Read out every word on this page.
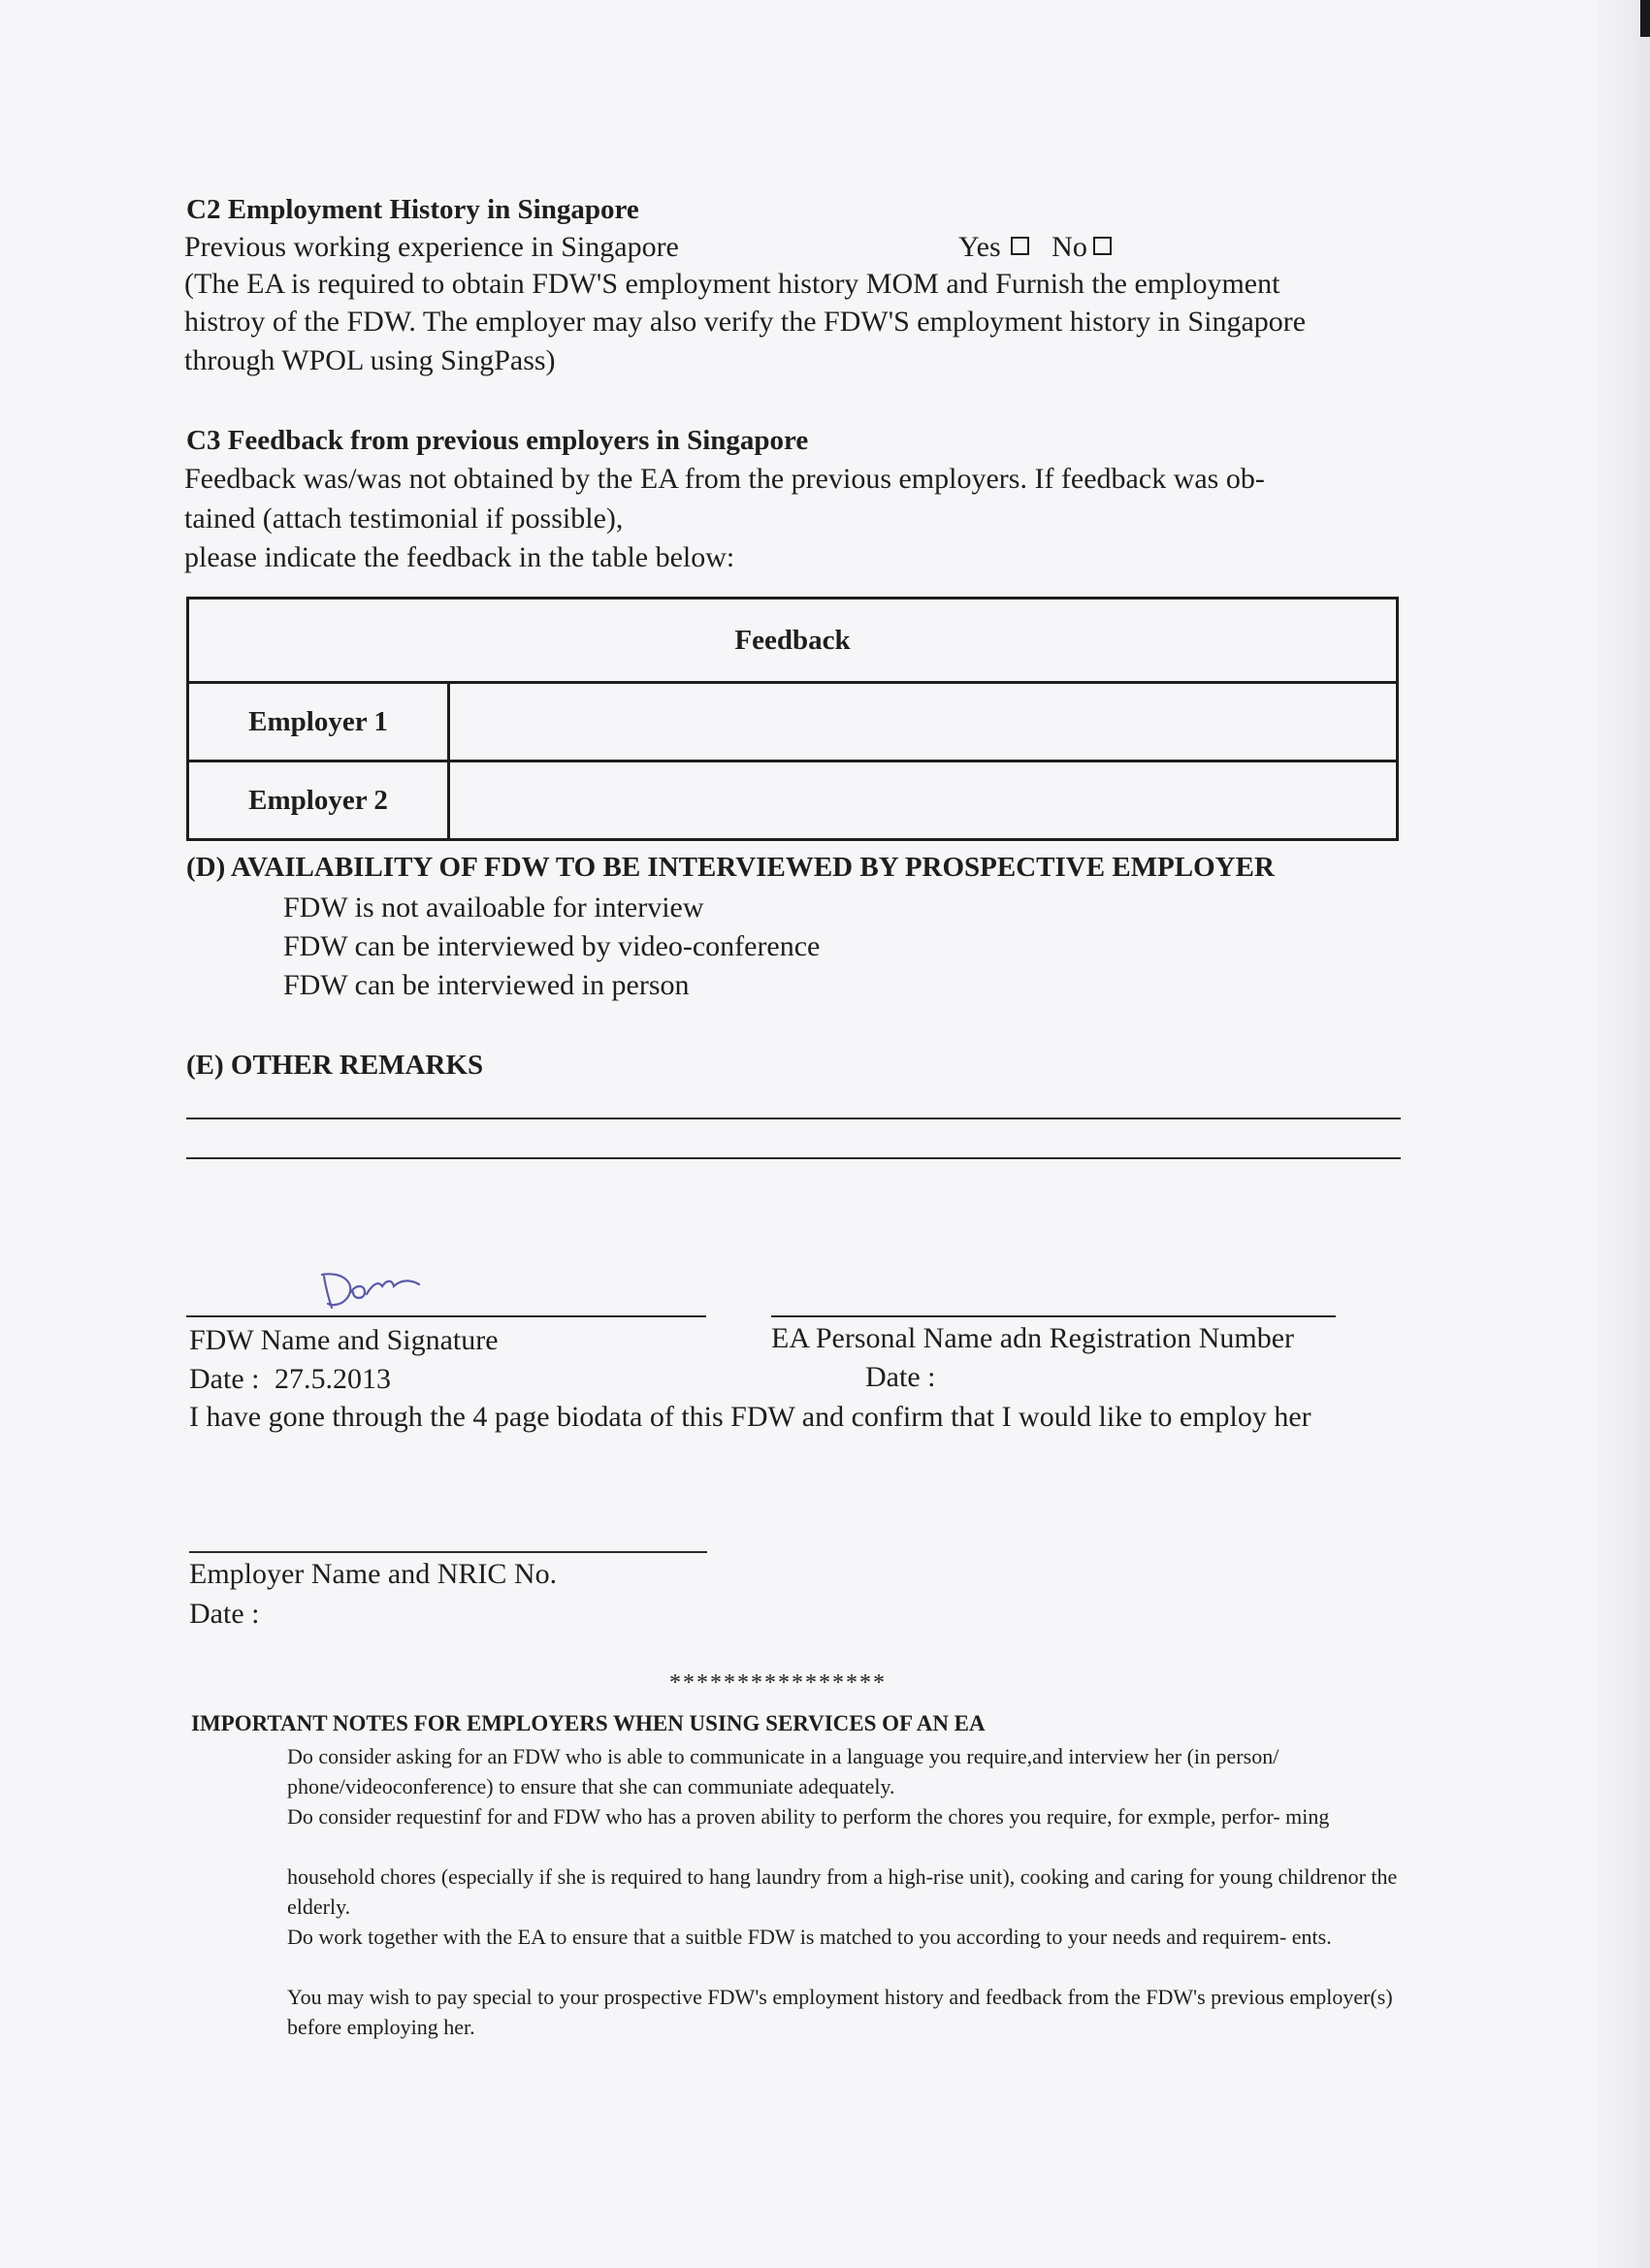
C2 Employment History in Singapore
Previous working experience in Singapore	Yes No
(The EA is required to obtain FDW'S employment history MOM and Furnish the employment
histroy of the FDW. The employer may also verify the FDW'S employment history in Singapore
through WPOL using SingPass)
C3 Feedback from previous employers in Singapore
Feedback was/was not obtained by the EA from the previous employers. If feedback was ob-
tained (attach testimonial if possible),
please indicate the feedback in the table below:
Feedback	
Employer 1	
Employer 2	
(D) AVAILABILITY OF FDW TO BE INTERVIEWED BY PROSPECTIVE EMPLOYER
FDW is not availoable for interview
FDW can be interviewed by video-conference
FDW can be interviewed in person
(E) OTHER REMARKS
FDW Name and Signature	EA Personal Name adn Registration Number
Date : 27.5.2013	Date :
I have gone through the 4 page biodata of this FDW and confirm that I would like to employ her
Employer Name and NRIC No.
Date :
****************
IMPORTANT NOTES FOR EMPLOYERS WHEN USING SERVICES OF AN EA
Do consider asking for an FDW who is able to communicate in a language you require,and interview her (in person/ phone/videoconference) to ensure that she can communiate adequately.
Do consider requestinf for and FDW who has a proven ability to perform the chores you require, for exmple, perfor- ming
household chores (especially if she is required to hang laundry from a high-rise unit), cooking and caring for young childrenor the elderly.
Do work together with the EA to ensure that a suitble FDW is matched to you according to your needs and requirem- ents.
You may wish to pay special to your prospective FDW's employment history and feedback from the FDW's previous employer(s) before employing her.
